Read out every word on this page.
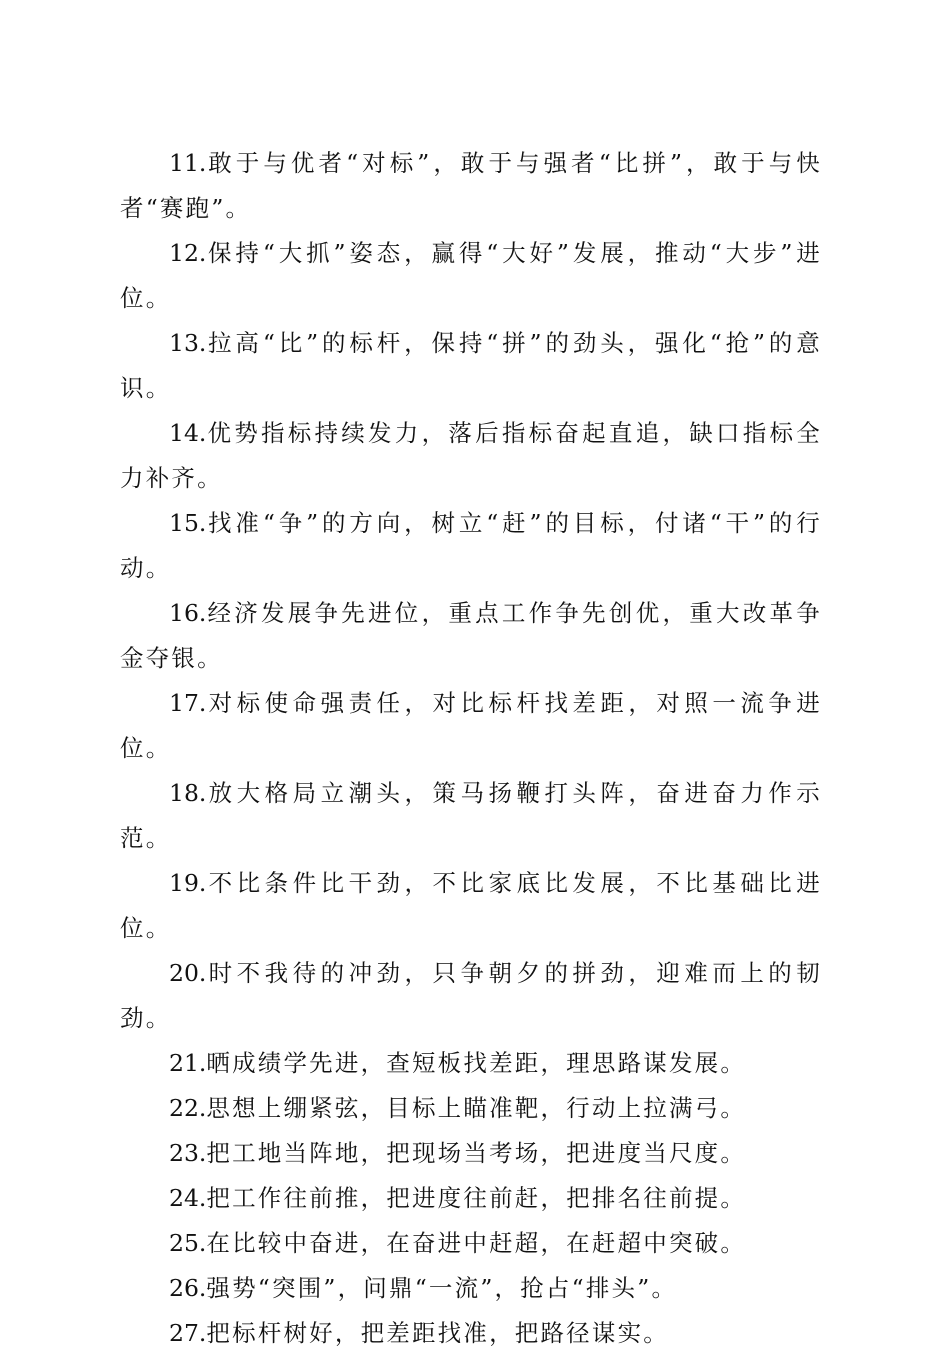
11.敢于与优者“对标”，敢于与强者“比拼”，敢于与快者“赛跑”。

12.保持“大抓”姿态，赢得“大好”发展，推动“大步”进位。

13.拉高“比”的标杆，保持“拼”的劲头，强化“抢”的意识。

14.优势指标持续发力，落后指标奋起直追，缺口指标全力补齐。

15.找准“争”的方向，树立“赶”的目标，付诸“干”的行动。

16.经济发展争先进位，重点工作争先创优，重大改革争金夺银。

17.对标使命强责任，对比标杆找差距，对照一流争进位。

18.放大格局立潮头，策马扬鞭打头阵，奋进奋力作示范。

19.不比条件比干劲，不比家底比发展，不比基础比进位。

20.时不我待的冲劲，只争朝夕的拼劲，迎难而上的韧劲。

21.晒成绩学先进，查短板找差距，理思路谋发展。

22.思想上绷紧弦，目标上瞄准靶，行动上拉满弓。

23.把工地当阵地，把现场当考场，把进度当尺度。

24.把工作往前推，把进度往前赶，把排名往前提。

25.在比较中奋进，在奋进中赶超，在赶超中突破。

26.强势“突围”，问鼎“一流”，抢占“排头”。

27.把标杆树好，把差距找准，把路径谋实。
